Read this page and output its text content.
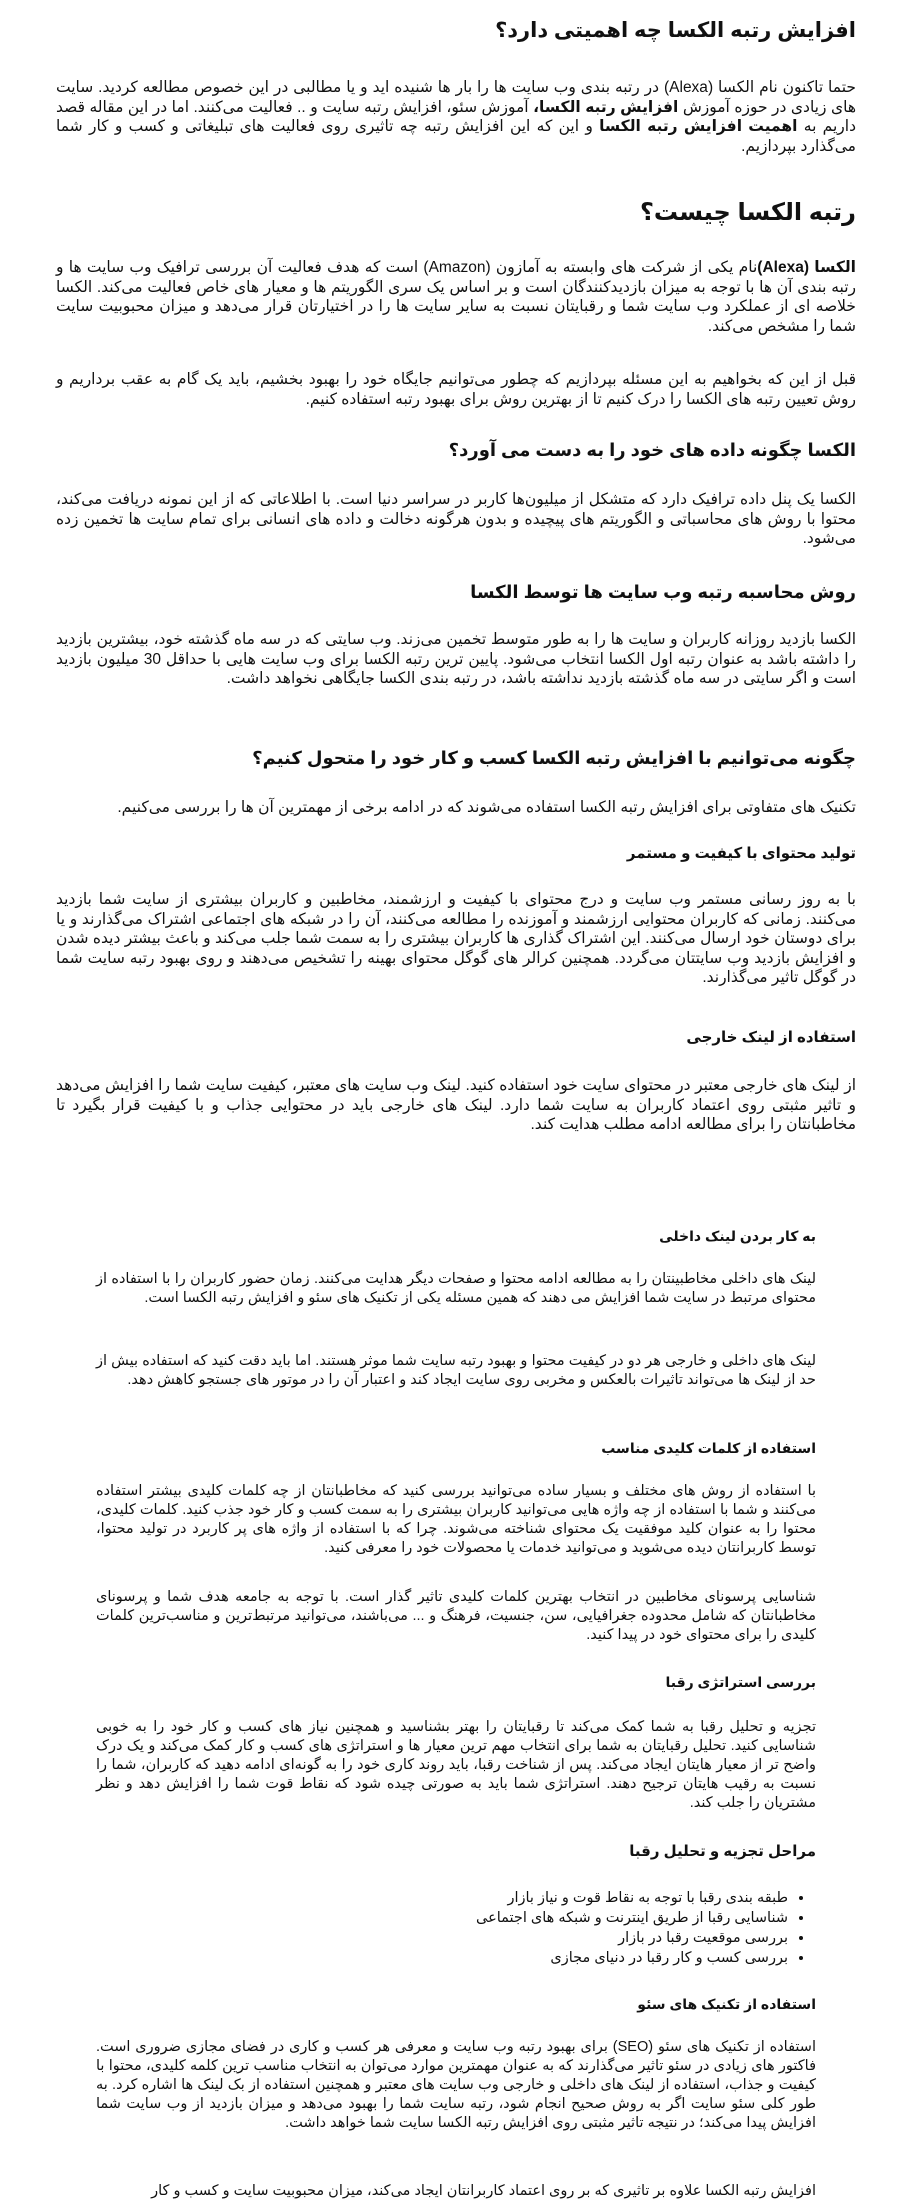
افزایش رتبه الکسا چه اهمیتی دارد؟

حتما تاکنون نام الکسا (Alexa) در رتبه بندی وب سایت ها را بار ها شنیده اید و یا مطالبی در این خصوص مطالعه کردید. سایت های زیادی در حوزه آموزش افزایش رتبه الکسا، آموزش سئو، افزایش رتبه سایت و .. فعالیت می‌کنند. اما در این مقاله قصد داریم به اهمیت افزایش رتبه الکسا و این که این افزایش رتبه چه تاثیری روی فعالیت های تبلیغاتی و کسب و کار شما می‌گذارد بپردازیم.

رتبه الکسا چیست؟

الکسا (Alexa)نام یکی از شرکت های وابسته به آمازون (Amazon) است که هدف فعالیت آن بررسی ترافیک وب سایت ها و رتبه بندی آن ها با توجه به میزان بازدیدکنندگان است و بر اساس یک سری الگوریتم ها و معیار های خاص فعالیت می‌کند. الکسا خلاصه ای از عملکرد وب سایت شما و رقبایتان نسبت به سایر سایت ها را در اختیارتان قرار می‌دهد و میزان محبوبیت سایت شما را مشخص می‌کند.

قبل از این که بخواهیم به این مسئله بپردازیم که چطور می‌توانیم جایگاه خود را بهبود بخشیم، باید یک گام به عقب برداریم و روش تعیین رتبه های الکسا را درک کنیم تا از بهترین روش برای بهبود رتبه استفاده کنیم.

الکسا چگونه داده های خود را به دست می آورد؟

الکسا یک پنل داده ترافیک دارد که متشکل از میلیون‌ها کاربر در سراسر دنیا است. با اطلاعاتی که از این نمونه دریافت می‌کند، محتوا با روش های محاسباتی و الگوریتم های پیچیده و بدون هرگونه دخالت و داده های انسانی برای تمام سایت ها تخمین زده می‌شود.

روش محاسبه رتبه وب سایت ها توسط الکسا

الکسا بازدید روزانه کاربران و سایت ها را به طور متوسط تخمین می‌زند. وب سایتی که در سه ماه گذشته خود، بیشترین بازدید را داشته باشد به عنوان رتبه اول الکسا انتخاب می‌شود. پایین ترین رتبه الکسا برای وب سایت هایی با حداقل 30 میلیون بازدید است و اگر سایتی در سه ماه گذشته بازدید نداشته باشد، در رتبه بندی الکسا جایگاهی نخواهد داشت.

چگونه می‌توانیم با افزایش رتبه الکسا کسب و کار خود را متحول کنیم؟

تکنیک های متفاوتی برای افزایش رتبه الکسا استفاده می‌شوند که در ادامه برخی از مهمترین آن ها را بررسی می‌کنیم.

تولید محتوای با کیفیت و مستمر

با به روز رسانی مستمر وب سایت و درج محتوای با کیفیت و ارزشمند، مخاطبین و کاربران بیشتری از سایت شما بازدید می‌کنند. زمانی که کاربران محتوایی ارزشمند و آموزنده را مطالعه می‌کنند، آن را در شبکه های اجتماعی اشتراک می‌گذارند و یا برای دوستان خود ارسال می‌کنند. این اشتراک گذاری ها کاربران بیشتری را به سمت شما جلب می‌کند و باعث بیشتر دیده شدن و افزایش بازدید وب سایتتان می‌گردد. همچنین کرالر های گوگل محتوای بهینه را تشخیص می‌دهند و روی بهبود رتبه سایت شما در گوگل تاثیر می‌گذارند.

استفاده از لینک خارجی

از لینک های خارجی معتبر در محتوای سایت خود استفاده کنید. لینک وب سایت های معتبر، کیفیت سایت شما را افزایش می‌دهد و تاثیر مثبتی روی اعتماد کاربران به سایت شما دارد. لینک های خارجی باید در محتوایی جذاب و با کیفیت قرار بگیرد تا مخاطبانتان را برای مطالعه ادامه مطلب هدایت کند.

به کار بردن لینک داخلی

لینک های داخلی مخاطبینتان را به مطالعه ادامه محتوا و صفحات دیگر هدایت می‌کنند. زمان حضور کاربران را با استفاده از محتوای مرتبط در سایت شما افزایش می دهند که همین مسئله یکی از تکنیک های سئو و افزایش رتبه الکسا است.

لینک های داخلی و خارجی هر دو در کیفیت محتوا و بهبود رتبه سایت شما موثر هستند. اما باید دقت کنید که استفاده بیش از حد از لینک ها می‌تواند تاثیرات بالعکس و مخربی روی سایت ایجاد کند و اعتبار آن را در موتور های جستجو کاهش دهد.

استفاده از کلمات کلیدی مناسب

با استفاده از روش های مختلف و بسیار ساده می‌توانید بررسی کنید که مخاطبانتان از چه کلمات کلیدی بیشتر استفاده می‌کنند و شما با استفاده از چه واژه هایی می‌توانید کاربران بیشتری را به سمت کسب و کار خود جذب کنید. کلمات کلیدی، محتوا را به عنوان کلید موفقیت یک محتوای شناخته می‌شوند. چرا که با استفاده از واژه های پر کاربرد در تولید محتوا، توسط کاربرانتان دیده می‌شوید و می‌توانید خدمات یا محصولات خود را معرفی کنید.

شناسایی پرسونای مخاطبین در انتخاب بهترین کلمات کلیدی تاثیر گذار است. با توجه به جامعه هدف شما و پرسونای مخاطبانتان که شامل محدوده جغرافیایی، سن، جنسیت، فرهنگ و ... می‌باشند، می‌توانید مرتبط‌ترین و مناسب‌ترین کلمات کلیدی را برای محتوای خود در پیدا کنید.

بررسی استراتژی رقبا

تجزیه و تحلیل رقبا به شما کمک می‌کند تا رقبایتان را بهتر بشناسید و همچنین نیاز های کسب و کار خود را به خوبی شناسایی کنید. تحلیل رقبایتان به شما برای انتخاب مهم ترین معیار ها و استراتژی های کسب و کار کمک می‌کند و یک درک واضح تر از معیار هایتان ایجاد می‌کند. پس از شناخت رقبا، باید روند کاری خود را به گونه‌ای ادامه دهید که کاربران، شما را نسبت به رقیب هایتان ترجیح دهند. استراتژی شما باید به صورتی چیده شود که نقاط قوت شما را افزایش دهد و نظر مشتریان را جلب کند.

مراحل تجزیه و تحلیل رقبا
• طبقه بندی رقبا با توجه به نقاط قوت و نیاز بازار
• شناسایی رقبا از طریق اینترنت و شبکه های اجتماعی
• بررسی موقعیت رقبا در بازار
• بررسی کسب و کار رقبا در دنیای مجازی
استفاده از تکنیک های سئو

استفاده از تکنیک های سئو (SEO) برای بهبود رتبه وب سایت و معرفی هر کسب و کاری در فضای مجازی ضروری است. فاکتور های زیادی در سئو تاثیر می‌گذارند که به عنوان مهمترین موارد می‌توان به انتخاب مناسب ترین کلمه کلیدی، محتوا با کیفیت و جذاب، استفاده از لینک های داخلی و خارجی وب سایت های معتبر و همچنین استفاده از بک لینک ها اشاره کرد. به طور کلی سئو سایت اگر به روش صحیح انجام شود، رتبه سایت شما را بهبود می‌دهد و میزان بازدید از وب سایت شما افزایش پیدا می‌کند؛ در نتیجه تاثیر مثبتی روی افزایش رتبه الکسا سایت شما خواهد داشت.

افزایش رتبه الکسا علاوه بر تاثیری که بر روی اعتماد کاربرانتان ایجاد می‌کند، میزان محبوبیت سایت و کسب و کار
